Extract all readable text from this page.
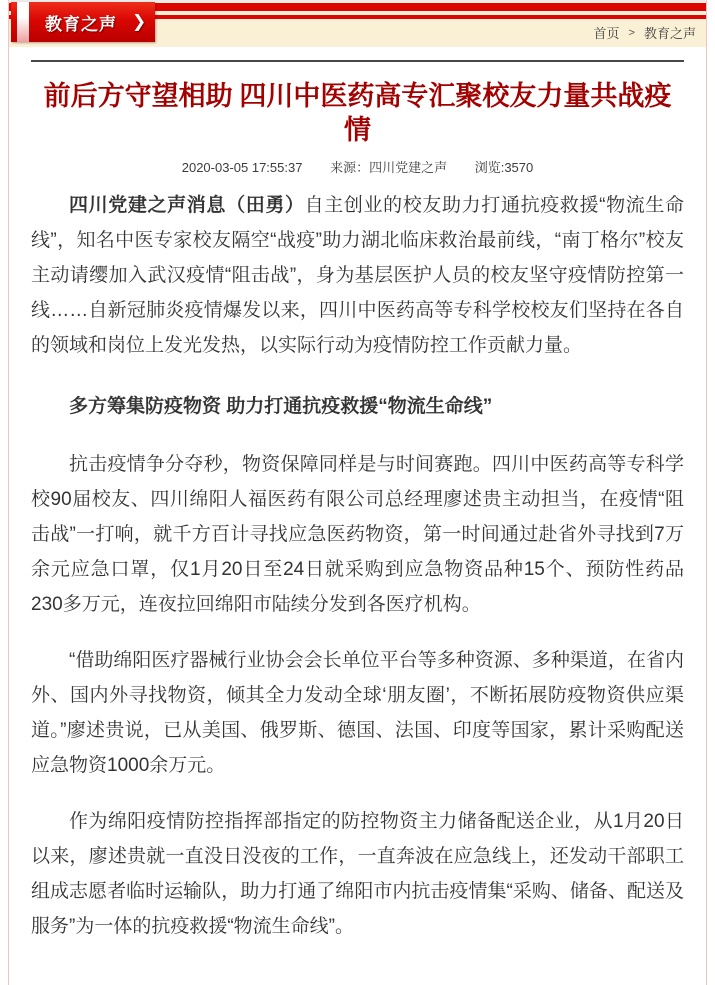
教育之声 ❯
首页 > 教育之声
前后方守望相助 四川中医药高专汇聚校友力量共战疫情
2020-03-05 17:55:37 来源：四川党建之声 浏览:3570

四川党建之声消息（田勇）自主创业的校友助力打通抗疫救援“物流生命线”，知名中医专家校友隔空“战疫”助力湖北临床救治最前线，“南丁格尔”校友主动请缨加入武汉疫情“阻击战”，身为基层医护人员的校友坚守疫情防控第一线……自新冠肺炎疫情爆发以来，四川中医药高等专科学校校友们坚持在各自的领域和岗位上发光发热，以实际行动为疫情防控工作贡献力量。

多方筹集防疫物资 助力打通抗疫救援“物流生命线”

抗击疫情争分夺秒，物资保障同样是与时间赛跑。四川中医药高等专科学校90届校友、四川绵阳人福医药有限公司总经理廖述贵主动担当，在疫情“阻击战”一打响，就千方百计寻找应急医药物资，第一时间通过赴省外寻找到7万余元应急口罩，仅1月20日至24日就采购到应急物资品种15个、预防性药品230多万元，连夜拉回绵阳市陆续分发到各医疗机构。

“借助绵阳医疗器械行业协会会长单位平台等多种资源、多种渠道，在省内外、国内外寻找物资，倾其全力发动全球‘朋友圈’，不断拓展防疫物资供应渠道。”廖述贵说，已从美国、俄罗斯、德国、法国、印度等国家，累计采购配送应急物资1000余万元。

作为绵阳疫情防控指挥部指定的防控物资主力储备配送企业，从1月20日以来，廖述贵就一直没日没夜的工作，一直奔波在应急线上，还发动干部职工组成志愿者临时运输队，助力打通了绵阳市内抗击疫情集“采购、储备、配送及服务”为一体的抗疫救援“物流生命线”。
